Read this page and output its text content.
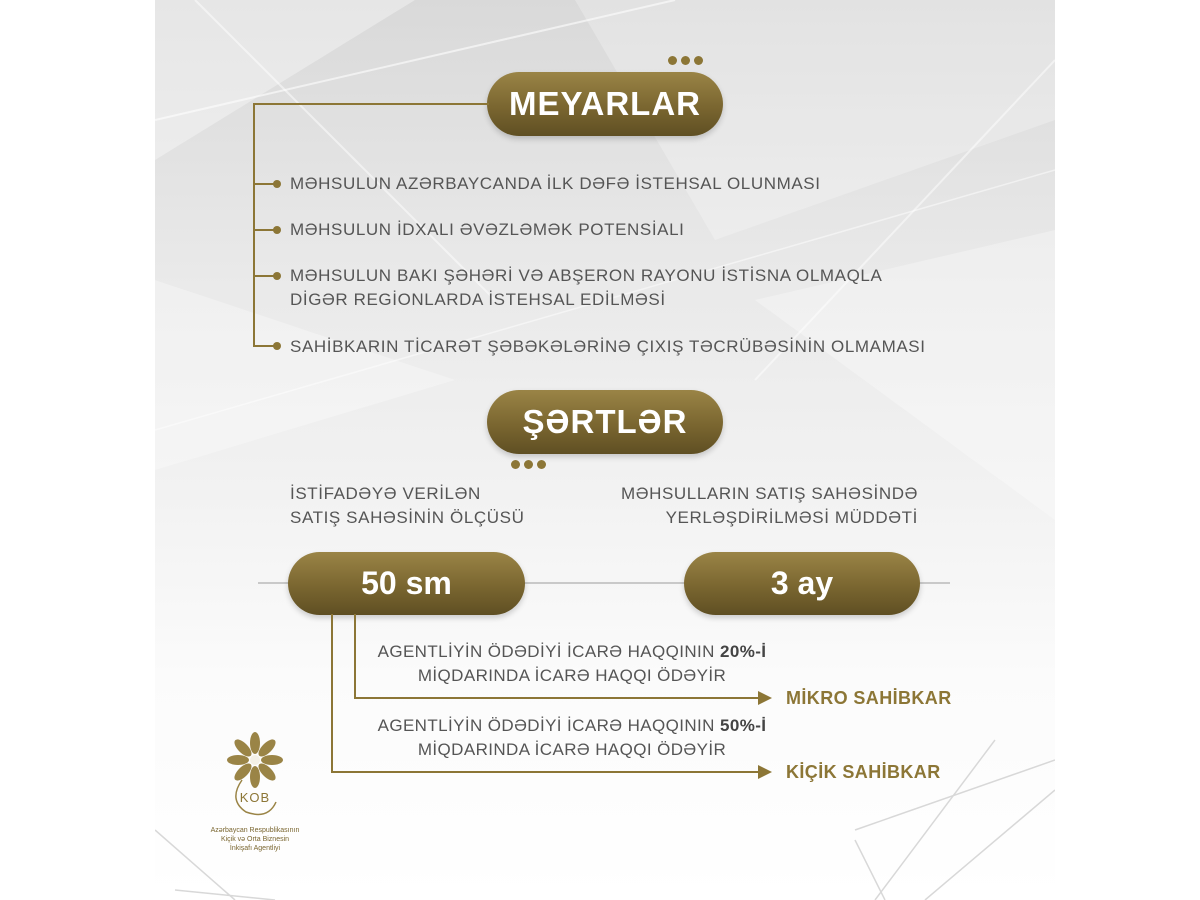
MEYARLAR
MƏHSULUN AZƏRBAYCANDA İLK DƏFƏ İSTEHSAL OLUNMASI
MƏHSULUN İDXALI ƏVƏZLƏMƏK POTENSİALI
MƏHSULUN BAKI ŞƏHƏRİ VƏ ABŞERON RAYONU İSTİSNA OLMAQLA
DİGƏR REGİONLARDA İSTEHSAL EDİLMƏSİ
SAHİBKARIN TİCARƏT ŞƏBƏKƏLƏRİNƏ ÇIXIŞ TƏCRÜBƏSİNİN OLMAMASI
ŞƏRTLƏR
İSTİFADƏYƏ VERİLƏN
SATIŞ SAHƏSİNİN ÖLÇÜSÜ
MƏHSULLARIN SATIŞ SAHƏSİNDƏ
YERLƏŞDİRİLMƏSİ MÜDDƏTİ
50 sm	3 ay
AGENTLİYİN ÖDƏDİYİ İCARƏ HAQQININ 20%-İ
MİQDARINDA İCARƏ HAQQI ÖDƏYİR
MİKRO SAHİBKAR
AGENTLİYİN ÖDƏDİYİ İCARƏ HAQQININ 50%-İ
MİQDARINDA İCARƏ HAQQI ÖDƏYİR
KİÇİK SAHİBKAR
KOB
Azərbaycan Respublikasının
Kiçik və Orta Biznesin
İnkişafı Agentliyi
